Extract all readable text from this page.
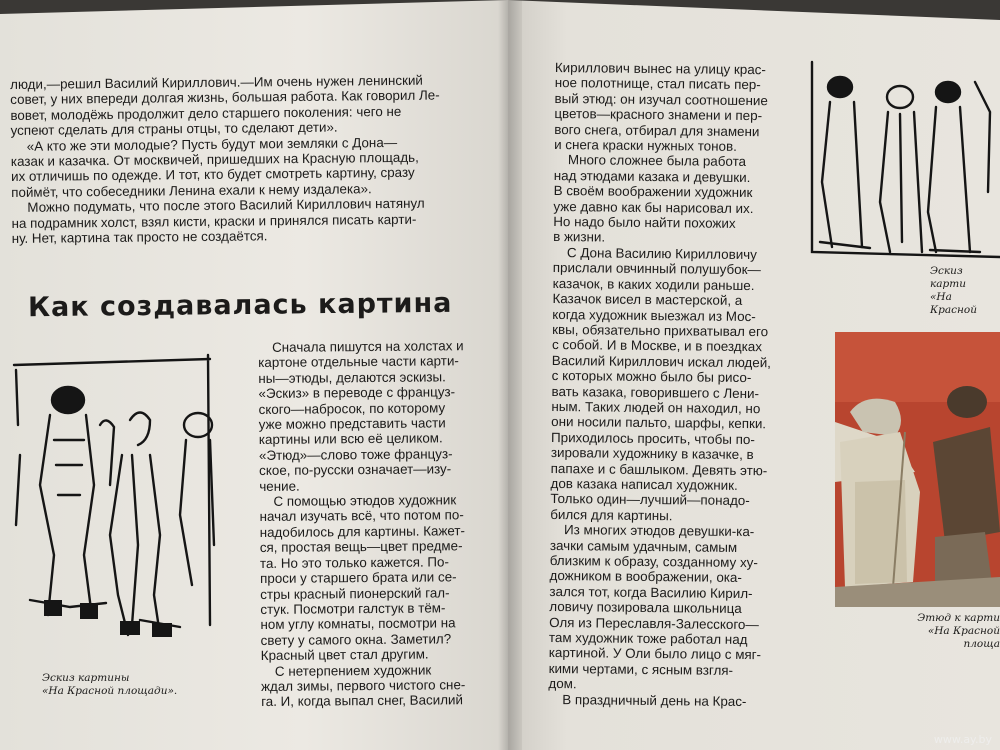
люди,—решил Василий Кириллович.—Им очень нужен ленинский

совет, у них впереди долгая жизнь, большая работа. Как говорил Ле-

вовет, молодёжь продолжит дело старшего поколения: чего не

успеют сделать для страны отцы, то сделают дети».

«А кто же эти молодые? Пусть будут мои земляки с Дона—

казак и казачка. От москвичей, пришедших на Красную площадь,

их отличишь по одежде. И тот, кто будет смотреть картину, сразу

поймёт, что собеседники Ленина ехали к нему издалека».

Можно подумать, что после этого Василий Кириллович натянул

на подрамник холст, взял кисти, краски и принялся писать карти-

ну. Нет, картина так просто не создаётся.

Как создавалась картина
Эскиз картины
«На Красной площади».

Сначала пишутся на холстах и

картоне отдельные части карти-

ны—этюды, делаются эскизы.

«Эскиз» в переводе с француз-

ского—набросок, по которому

уже можно представить части

картины или всю её целиком.

«Этюд»—слово тоже француз-

ское, по-русски означает—изу-

чение.

С помощью этюдов художник

начал изучать всё, что потом по-

надобилось для картины. Кажет-

ся, простая вещь—цвет предме-

та. Но это только кажется. По-

проси у старшего брата или се-

стры красный пионерский гал-

стук. Посмотри галстук в тём-

ном углу комнаты, посмотри на

свету у самого окна. Заметил?

Красный цвет стал другим.

С нетерпением художник

ждал зимы, первого чистого сне-

га. И, когда выпал снег, Василий

Кириллович вынес на улицу крас-

ное полотнище, стал писать пер-

вый этюд: он изучал соотношение

цветов—красного знамени и пер-

вого снега, отбирал для знамени

и снега краски нужных тонов.

Много сложнее была работа

над этюдами казака и девушки.

В своём воображении художник

уже давно как бы нарисовал их.

Но надо было найти похожих

в жизни.

С Дона Василию Кирилловичу

прислали овчинный полушубок—

казачок, в каких ходили раньше.

Казачок висел в мастерской, а

когда художник выезжал из Мос-

квы, обязательно прихватывал его

с собой. И в Москве, и в поездках

Василий Кириллович искал людей,

с которых можно было бы рисо-

вать казака, говорившего с Лени-

ным. Таких людей он находил, но

они носили пальто, шарфы, кепки.

Приходилось просить, чтобы по-

зировали художнику в казачке, в

папахе и с башлыком. Девять этю-

дов казака написал художник.

Только один—лучший—понадо-

бился для картины.

Из многих этюдов девушки-ка-

зачки самым удачным, самым

близким к образу, созданному ху-

дожником в воображении, ока-

зался тот, когда Василию Кирил-

ловичу позировала школьница

Оля из Переславля-Залесского—

там художник тоже работал над

картиной. У Оли было лицо с мяг-

кими чертами, с ясным взгля-

дом.

В праздничный день на Крас-

Эскиз карти
«На Красной
Этюд к карти
«На Красной площа
www.ay.by
